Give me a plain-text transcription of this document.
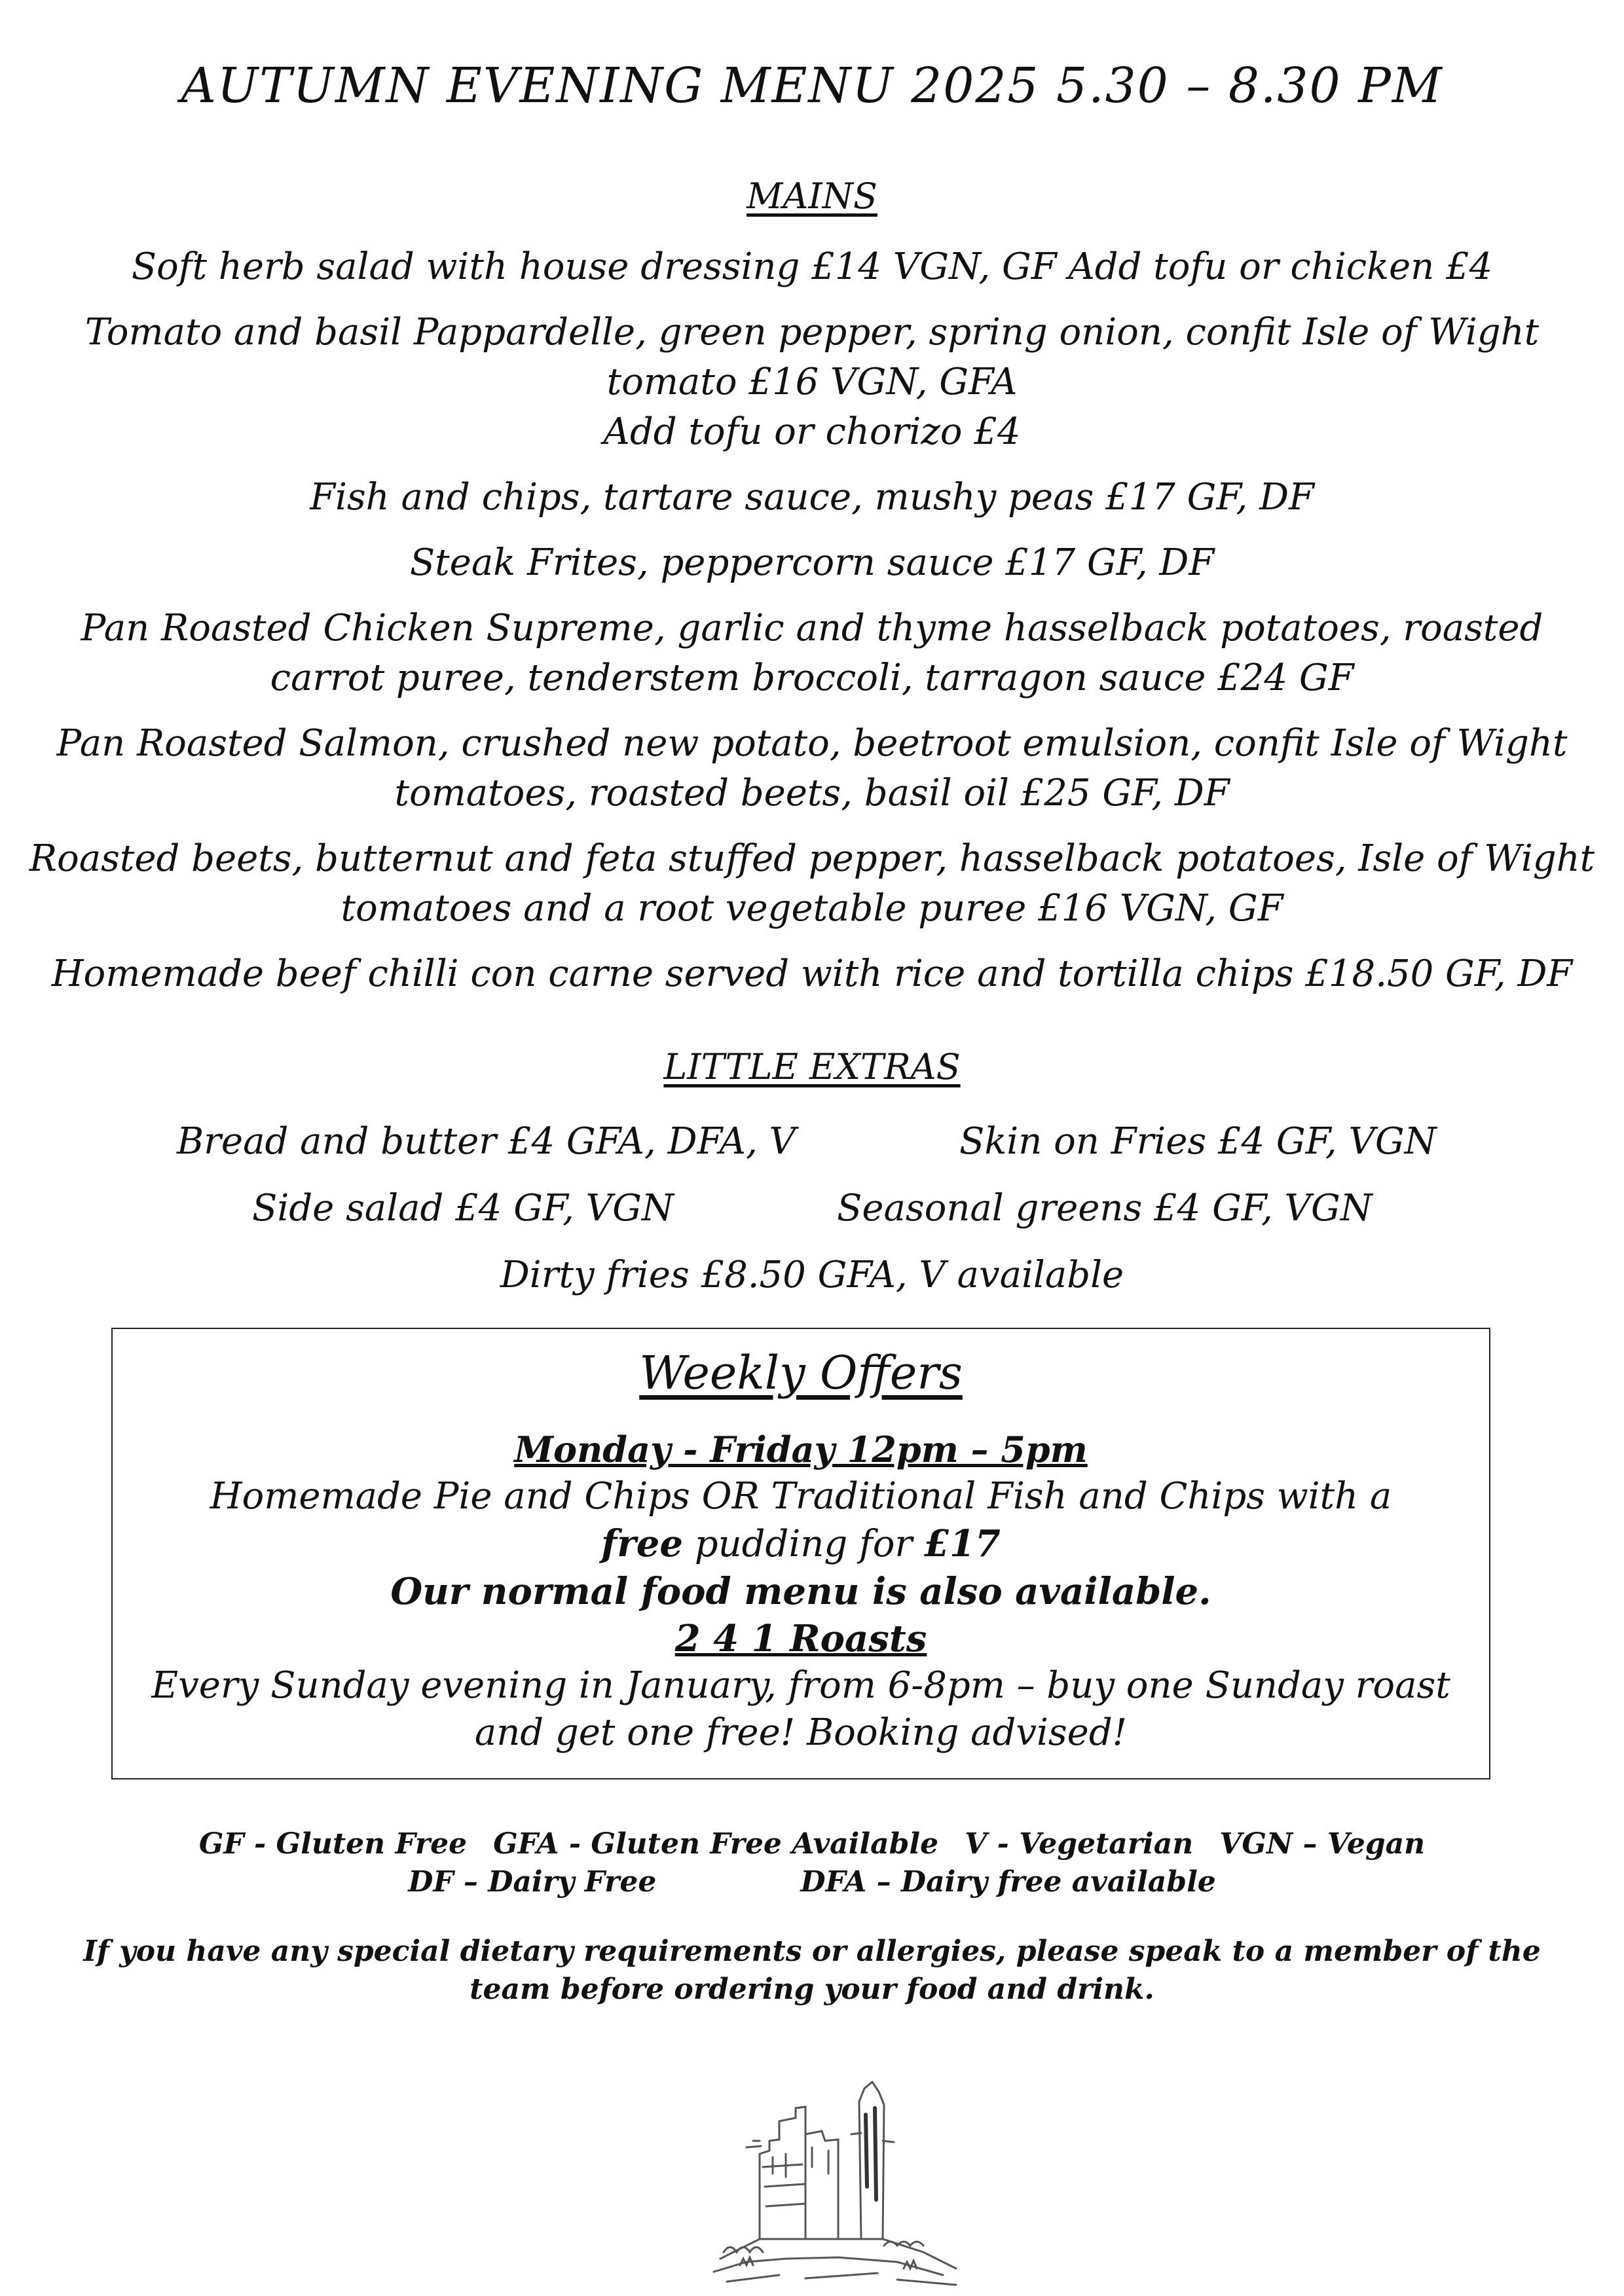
AUTUMN EVENING MENU 2025 5.30 – 8.30 PM
MAINS
Soft herb salad with house dressing £14 VGN, GF Add tofu or chicken £4
Tomato and basil Pappardelle, green pepper, spring onion, confit Isle of Wight
tomato £16 VGN, GFA
Add tofu or chorizo £4
Fish and chips, tartare sauce, mushy peas £17 GF, DF
Steak Frites, peppercorn sauce £17 GF, DF
Pan Roasted Chicken Supreme, garlic and thyme hasselback potatoes, roasted
carrot puree, tenderstem broccoli, tarragon sauce £24 GF
Pan Roasted Salmon, crushed new potato, beetroot emulsion, confit Isle of Wight
tomatoes, roasted beets, basil oil £25 GF, DF
Roasted beets, butternut and feta stuffed pepper, hasselback potatoes, Isle of Wight
tomatoes and a root vegetable puree £16 VGN, GF
Homemade beef chilli con carne served with rice and tortilla chips £18.50 GF, DF
LITTLE EXTRAS
Bread and butter £4 GFA, DFA, V	Skin on Fries £4 GF, VGN
Side salad £4 GF, VGN	Seasonal greens £4 GF, VGN
Dirty fries £8.50 GFA, V available
Weekly Offers
Monday - Friday 12pm – 5pm
Homemade Pie and Chips OR Traditional Fish and Chips with a
free pudding for £17
Our normal food menu is also available.
2 4 1 Roasts
Every Sunday evening in January, from 6-8pm – buy one Sunday roast
and get one free! Booking advised!
GF - Gluten Free GFA - Gluten Free Available V - Vegetarian VGN – Vegan
DF – Dairy Free	DFA – Dairy free available
If you have any special dietary requirements or allergies, please speak to a member of the team before ordering your food and drink.
